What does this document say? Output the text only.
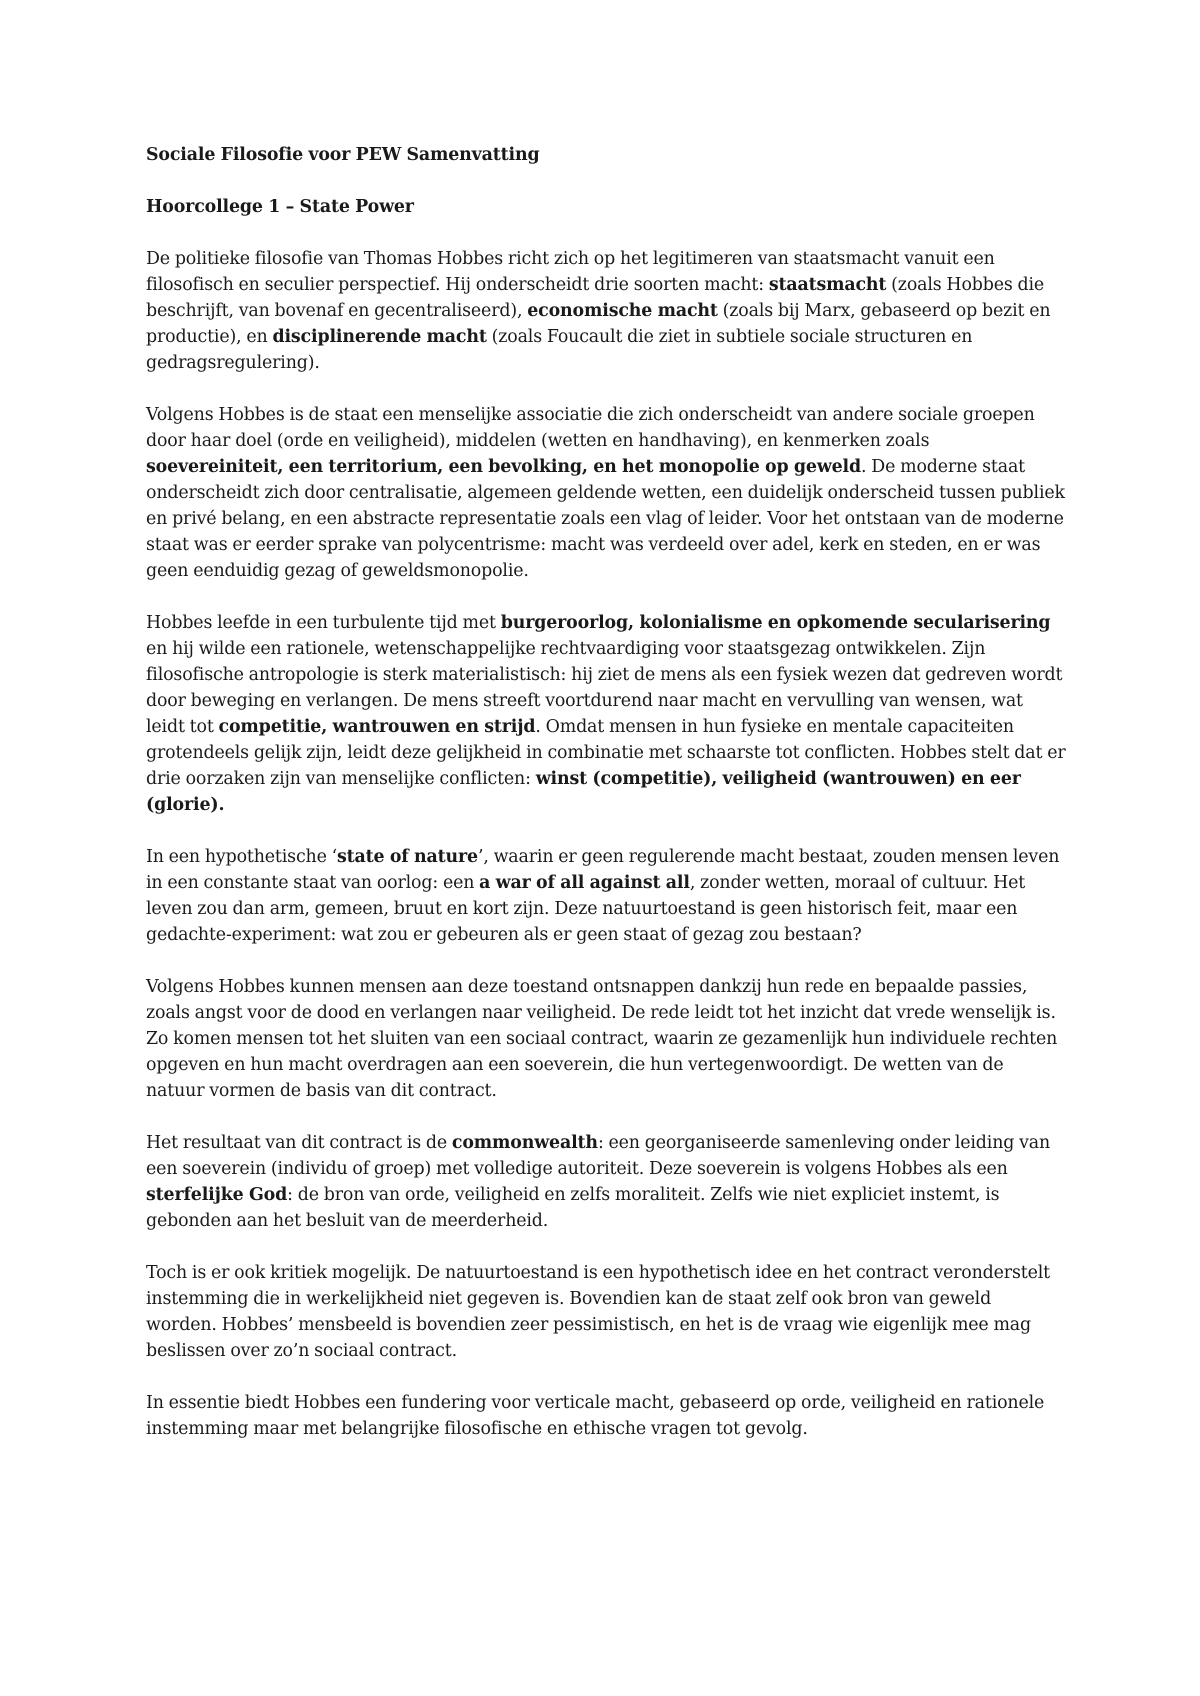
Sociale Filosofie voor PEW Samenvatting
Hoorcollege 1 – State Power

De politieke filosofie van Thomas Hobbes richt zich op het legitimeren van staatsmacht vanuit een filosofisch en seculier perspectief. Hij onderscheidt drie soorten macht: staatsmacht (zoals Hobbes die beschrijft, van bovenaf en gecentraliseerd), economische macht (zoals bij Marx, gebaseerd op bezit en productie), en disciplinerende macht (zoals Foucault die ziet in subtiele sociale structuren en gedragsregulering).

Volgens Hobbes is de staat een menselijke associatie die zich onderscheidt van andere sociale groepen door haar doel (orde en veiligheid), middelen (wetten en handhaving), en kenmerken zoals soevereiniteit, een territorium, een bevolking, en het monopolie op geweld. De moderne staat onderscheidt zich door centralisatie, algemeen geldende wetten, een duidelijk onderscheid tussen publiek en privé belang, en een abstracte representatie zoals een vlag of leider. Voor het ontstaan van de moderne staat was er eerder sprake van polycentrisme: macht was verdeeld over adel, kerk en steden, en er was geen eenduidig gezag of geweldsmonopolie.

Hobbes leefde in een turbulente tijd met burgeroorlog, kolonialisme en opkomende secularisering en hij wilde een rationele, wetenschappelijke rechtvaardiging voor staatsgezag ontwikkelen. Zijn filosofische antropologie is sterk materialistisch: hij ziet de mens als een fysiek wezen dat gedreven wordt door beweging en verlangen. De mens streeft voortdurend naar macht en vervulling van wensen, wat leidt tot competitie, wantrouwen en strijd. Omdat mensen in hun fysieke en mentale capaciteiten grotendeels gelijk zijn, leidt deze gelijkheid in combinatie met schaarste tot conflicten. Hobbes stelt dat er drie oorzaken zijn van menselijke conflicten: winst (competitie), veiligheid (wantrouwen) en eer (glorie).

In een hypothetische ‘state of nature’, waarin er geen regulerende macht bestaat, zouden mensen leven in een constante staat van oorlog: een a war of all against all, zonder wetten, moraal of cultuur. Het leven zou dan arm, gemeen, bruut en kort zijn. Deze natuurtoestand is geen historisch feit, maar een gedachte-experiment: wat zou er gebeuren als er geen staat of gezag zou bestaan?

Volgens Hobbes kunnen mensen aan deze toestand ontsnappen dankzij hun rede en bepaalde passies, zoals angst voor de dood en verlangen naar veiligheid. De rede leidt tot het inzicht dat vrede wenselijk is. Zo komen mensen tot het sluiten van een sociaal contract, waarin ze gezamenlijk hun individuele rechten opgeven en hun macht overdragen aan een soeverein, die hun vertegenwoordigt. De wetten van de natuur vormen de basis van dit contract.

Het resultaat van dit contract is de commonwealth: een georganiseerde samenleving onder leiding van een soeverein (individu of groep) met volledige autoriteit. Deze soeverein is volgens Hobbes als een sterfelijke God: de bron van orde, veiligheid en zelfs moraliteit. Zelfs wie niet expliciet instemt, is gebonden aan het besluit van de meerderheid.

Toch is er ook kritiek mogelijk. De natuurtoestand is een hypothetisch idee en het contract veronderstelt instemming die in werkelijkheid niet gegeven is. Bovendien kan de staat zelf ook bron van geweld worden. Hobbes’ mensbeeld is bovendien zeer pessimistisch, en het is de vraag wie eigenlijk mee mag beslissen over zo’n sociaal contract.

In essentie biedt Hobbes een fundering voor verticale macht, gebaseerd op orde, veiligheid en rationele instemming maar met belangrijke filosofische en ethische vragen tot gevolg.
